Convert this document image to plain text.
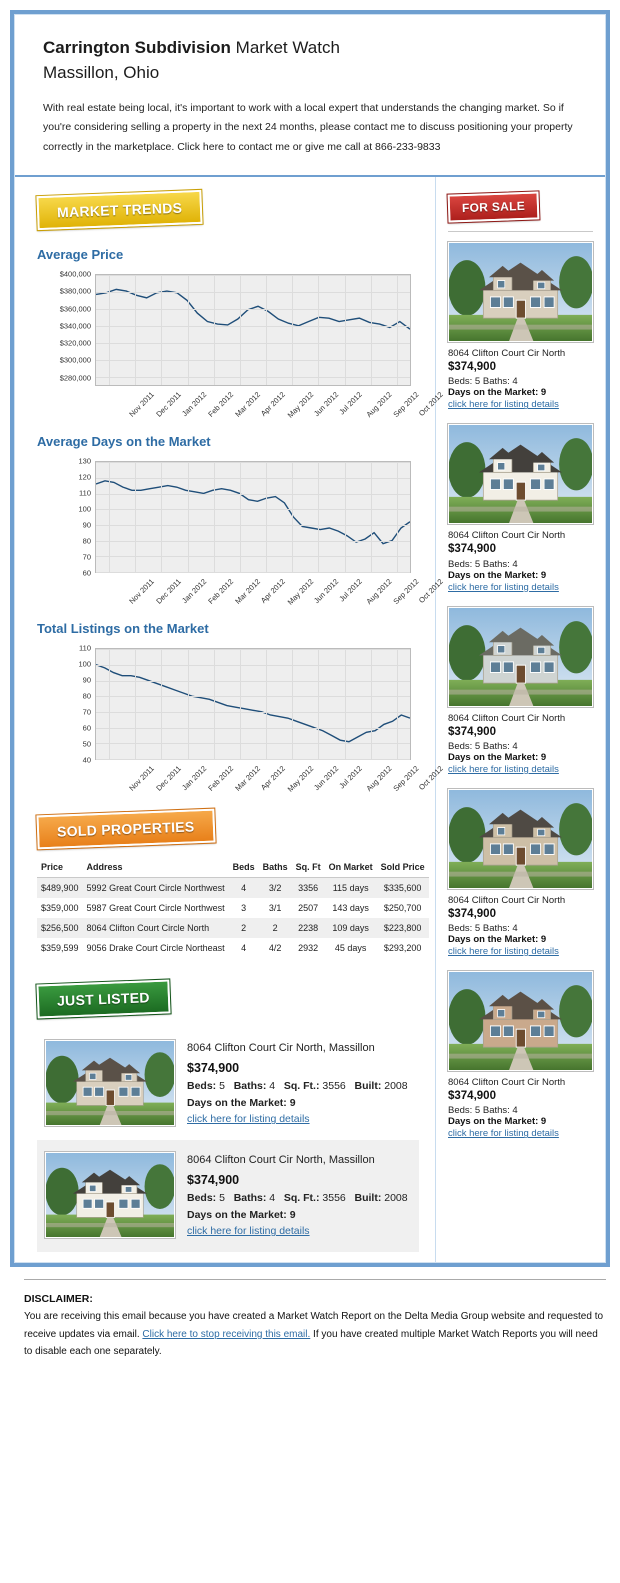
Carrington Subdivision Market Watch
Massillon, Ohio

With real estate being local, it's important to work with a local expert that understands the changing market. So if you're considering selling a property in the next 24 months, please contact me to discuss positioning your property correctly in the marketplace. Click here to contact me or give me call at 866-233-9833

MARKET TRENDS
Average Price
$280,000
$300,000
$320,000
$340,000
$360,000
$380,000
$400,000
Nov 2011
Dec 2011
Jan 2012
Feb 2012
Mar 2012
Apr 2012 May 2012
Jun 2012
Jul 2012 Aug 2012
Sep 2012
Oct 2012
Average Days on the Market
60
70
80
90
100
110
120
130
Nov 2011
Dec 2011
Jan 2012
Feb 2012
Mar 2012
Apr 2012 May 2012
Jun 2012
Jul 2012 Aug 2012
Sep 2012
Oct 2012
Total Listings on the Market
40
50
60
70
80
90
100
110
Nov 2011
Dec 2011
Jan 2012
Feb 2012
Mar 2012
Apr 2012 May 2012
Jun 2012
Jul 2012 Aug 2012
Sep 2012
Oct 2012
SOLD PROPERTIES
Price	Address	Beds	Baths	Sq. Ft	On Market	Sold Price
$489,900	5992 Great Court Circle Northwest	4	3/2	3356	115 days	$335,600
$359,000	5987 Great Court Circle Northwest	3	3/1	2507	143 days	$250,700
$256,500	8064 Clifton Court Circle North	2	2	2238	109 days	$223,800
$359,599	9056 Drake Court Circle Northeast	4	4/2	2932	45 days	$293,200
JUST LISTED
8064 Clifton Court Cir North, Massillon
$374,900
Beds: 5   Baths: 4   Sq. Ft.: 3556   Built: 2008
Days on the Market: 9
click here for listing details
8064 Clifton Court Cir North, Massillon
$374,900
Beds: 5   Baths: 4   Sq. Ft.: 3556   Built: 2008
Days on the Market: 9
click here for listing details
FOR SALE
8064 Clifton Court Cir North
$374,900
Beds: 5 Baths: 4
Days on the Market: 9
click here for listing details
8064 Clifton Court Cir North
$374,900
Beds: 5 Baths: 4
Days on the Market: 9
click here for listing details
8064 Clifton Court Cir North
$374,900
Beds: 5 Baths: 4
Days on the Market: 9
click here for listing details
8064 Clifton Court Cir North
$374,900
Beds: 5 Baths: 4
Days on the Market: 9
click here for listing details
8064 Clifton Court Cir North
$374,900
Beds: 5 Baths: 4
Days on the Market: 9
click here for listing details
DISCLAIMER:
You are receiving this email because you have created a Market Watch Report on the Delta Media Group website and requested to receive updates via email. Click here to stop receiving this email. If you have created multiple Market Watch Reports you will need to disable each one separately.
